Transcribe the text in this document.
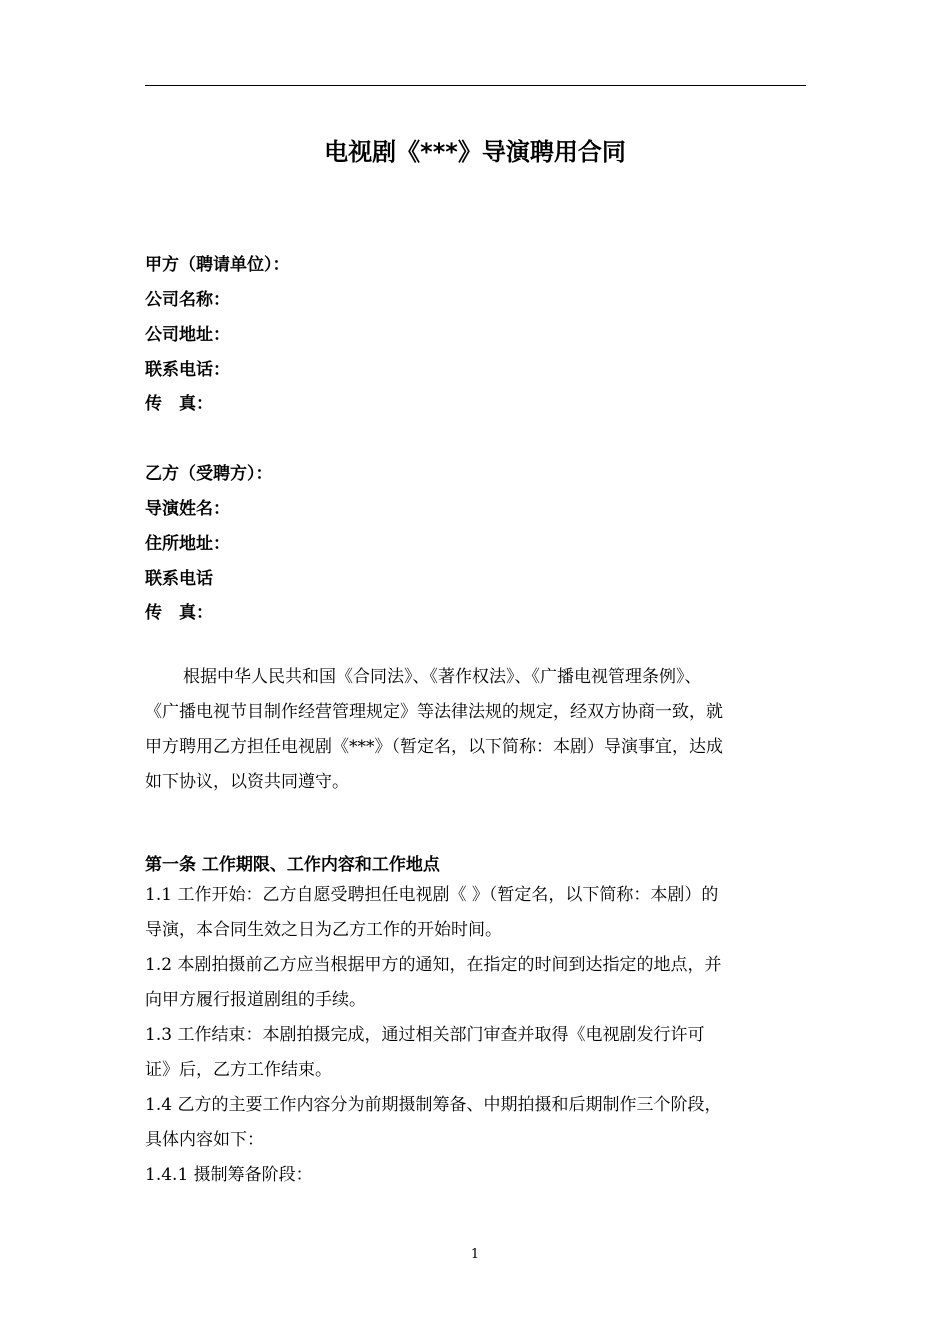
电视剧《***》导演聘用合同
甲方（聘请单位）：
公司名称：
公司地址：
联系电话：
传　真：
乙方（受聘方）：
导演姓名：
住所地址：
联系电话
传　真：
根据中华人民共和国《合同法》、《著作权法》、《广播电视管理条例》、
《广播电视节目制作经营管理规定》等法律法规的规定，经双方协商一致，就
甲方聘用乙方担任电视剧《***》（暂定名，以下简称：本剧）导演事宜，达成
如下协议，以资共同遵守。
第一条 工作期限、工作内容和工作地点
1.1 工作开始：乙方自愿受聘担任电视剧《 》（暂定名，以下简称：本剧）的
导演，本合同生效之日为乙方工作的开始时间。
1.2 本剧拍摄前乙方应当根据甲方的通知，在指定的时间到达指定的地点，并
向甲方履行报道剧组的手续。
1.3 工作结束：本剧拍摄完成，通过相关部门审查并取得《电视剧发行许可
证》后，乙方工作结束。
1.4 乙方的主要工作内容分为前期摄制筹备、中期拍摄和后期制作三个阶段，
具体内容如下：
1.4.1 摄制筹备阶段：
1
